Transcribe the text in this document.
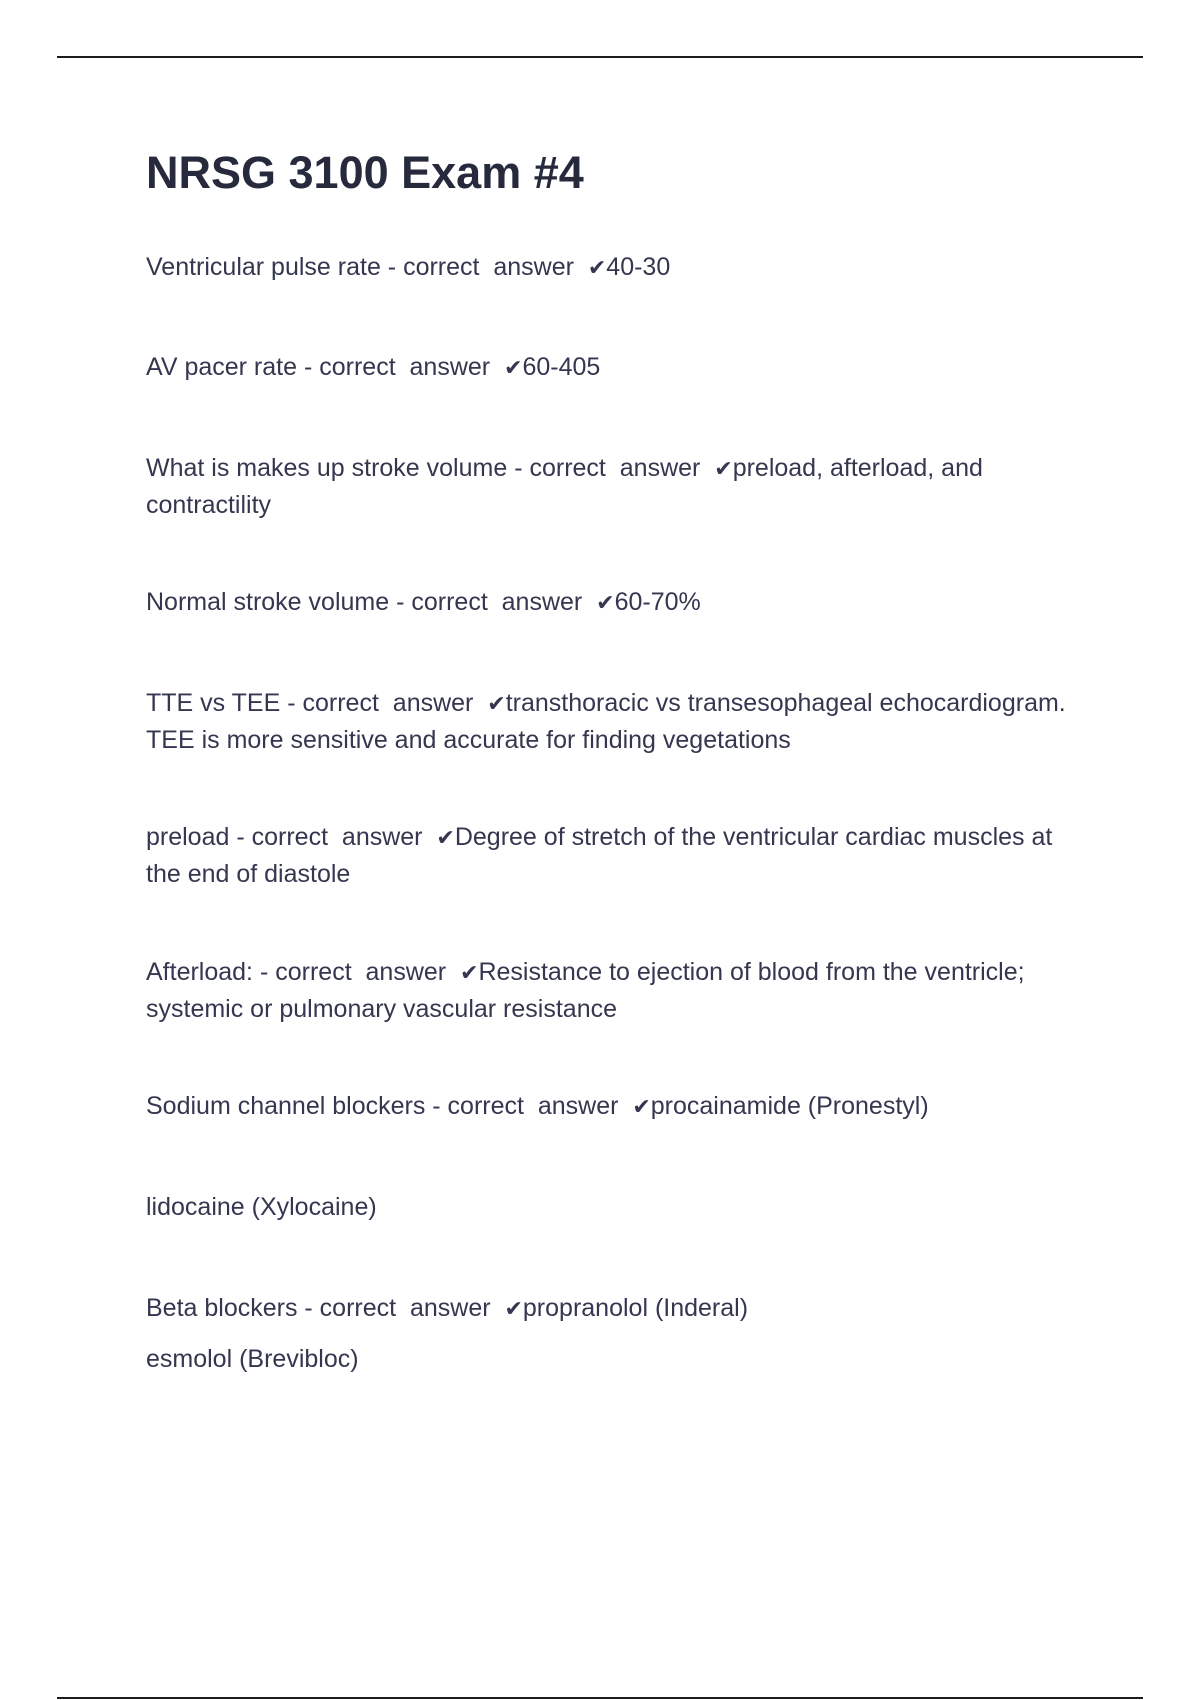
NRSG 3100 Exam #4
Ventricular pulse rate - correct  answer  ✔40-30
AV pacer rate - correct  answer  ✔60-405
What is makes up stroke volume - correct  answer  ✔preload, afterload, and contractility
Normal stroke volume - correct  answer  ✔60-70%
TTE vs TEE - correct  answer  ✔transthoracic vs transesophageal echocardiogram. TEE is more sensitive and accurate for finding vegetations
preload - correct  answer  ✔Degree of stretch of the ventricular cardiac muscles at the end of diastole
Afterload: - correct  answer  ✔Resistance to ejection of blood from the ventricle; systemic or pulmonary vascular resistance
Sodium channel blockers - correct  answer  ✔procainamide (Pronestyl)
lidocaine (Xylocaine)
Beta blockers - correct  answer  ✔propranolol (Inderal)
esmolol (Brevibloc)
